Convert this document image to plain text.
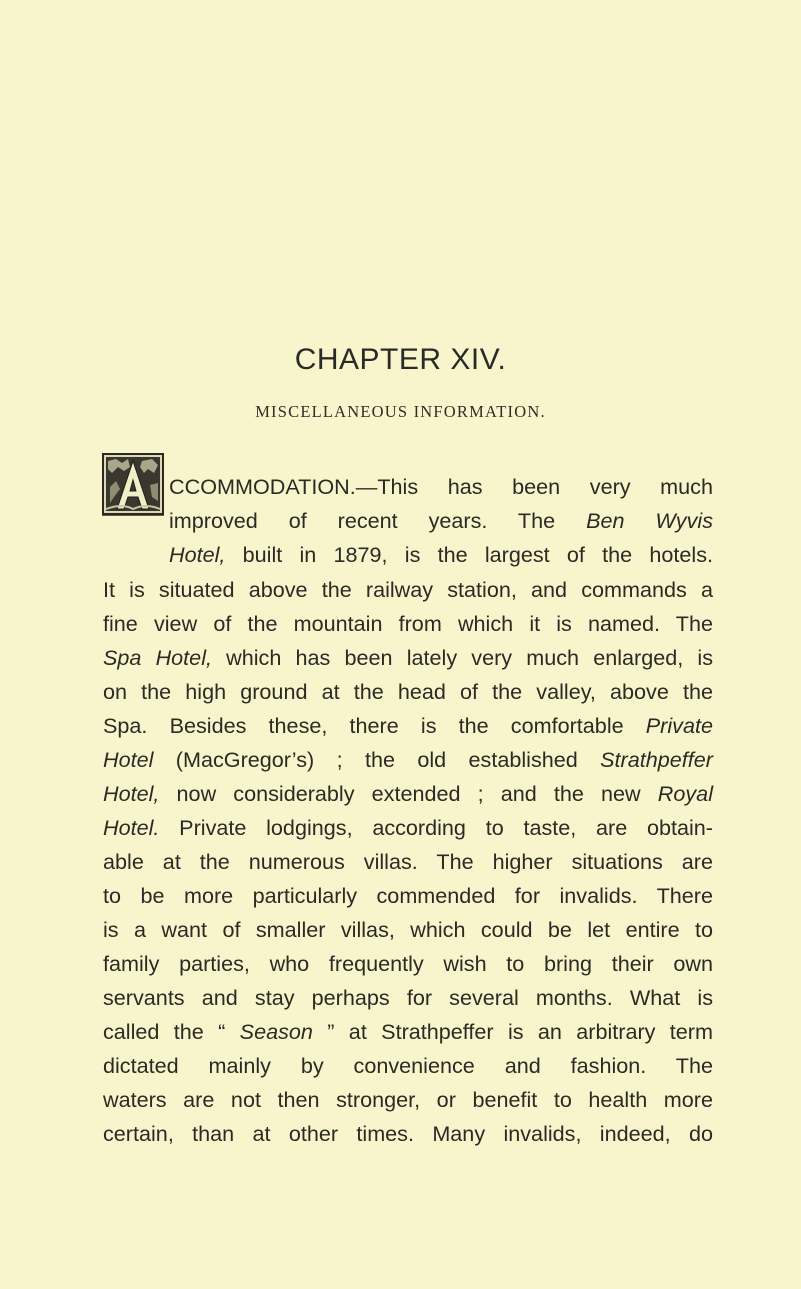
CHAPTER XIV.
MISCELLANEOUS INFORMATION.
CCOMMODATION.—This has been very much
improved of recent years. The Ben Wyvis
Hotel, built in 1879, is the largest of the hotels.
It is situated above the railway station, and commands a
fine view of the mountain from which it is named. The
Spa Hotel, which has been lately very much enlarged, is
on the high ground at the head of the valley, above the
Spa. Besides these, there is the comfortable Private
Hotel (MacGregor’s) ; the old established Strathpeffer
Hotel, now considerably extended ; and the new Royal
Hotel. Private lodgings, according to taste, are obtain-
able at the numerous villas. The higher situations are
to be more particularly commended for invalids. There
is a want of smaller villas, which could be let entire to
family parties, who frequently wish to bring their own
servants and stay perhaps for several months. What is
called the “ Season ” at Strathpeffer is an arbitrary term
dictated mainly by convenience and fashion. The
waters are not then stronger, or benefit to health more
certain, than at other times. Many invalids, indeed, do
